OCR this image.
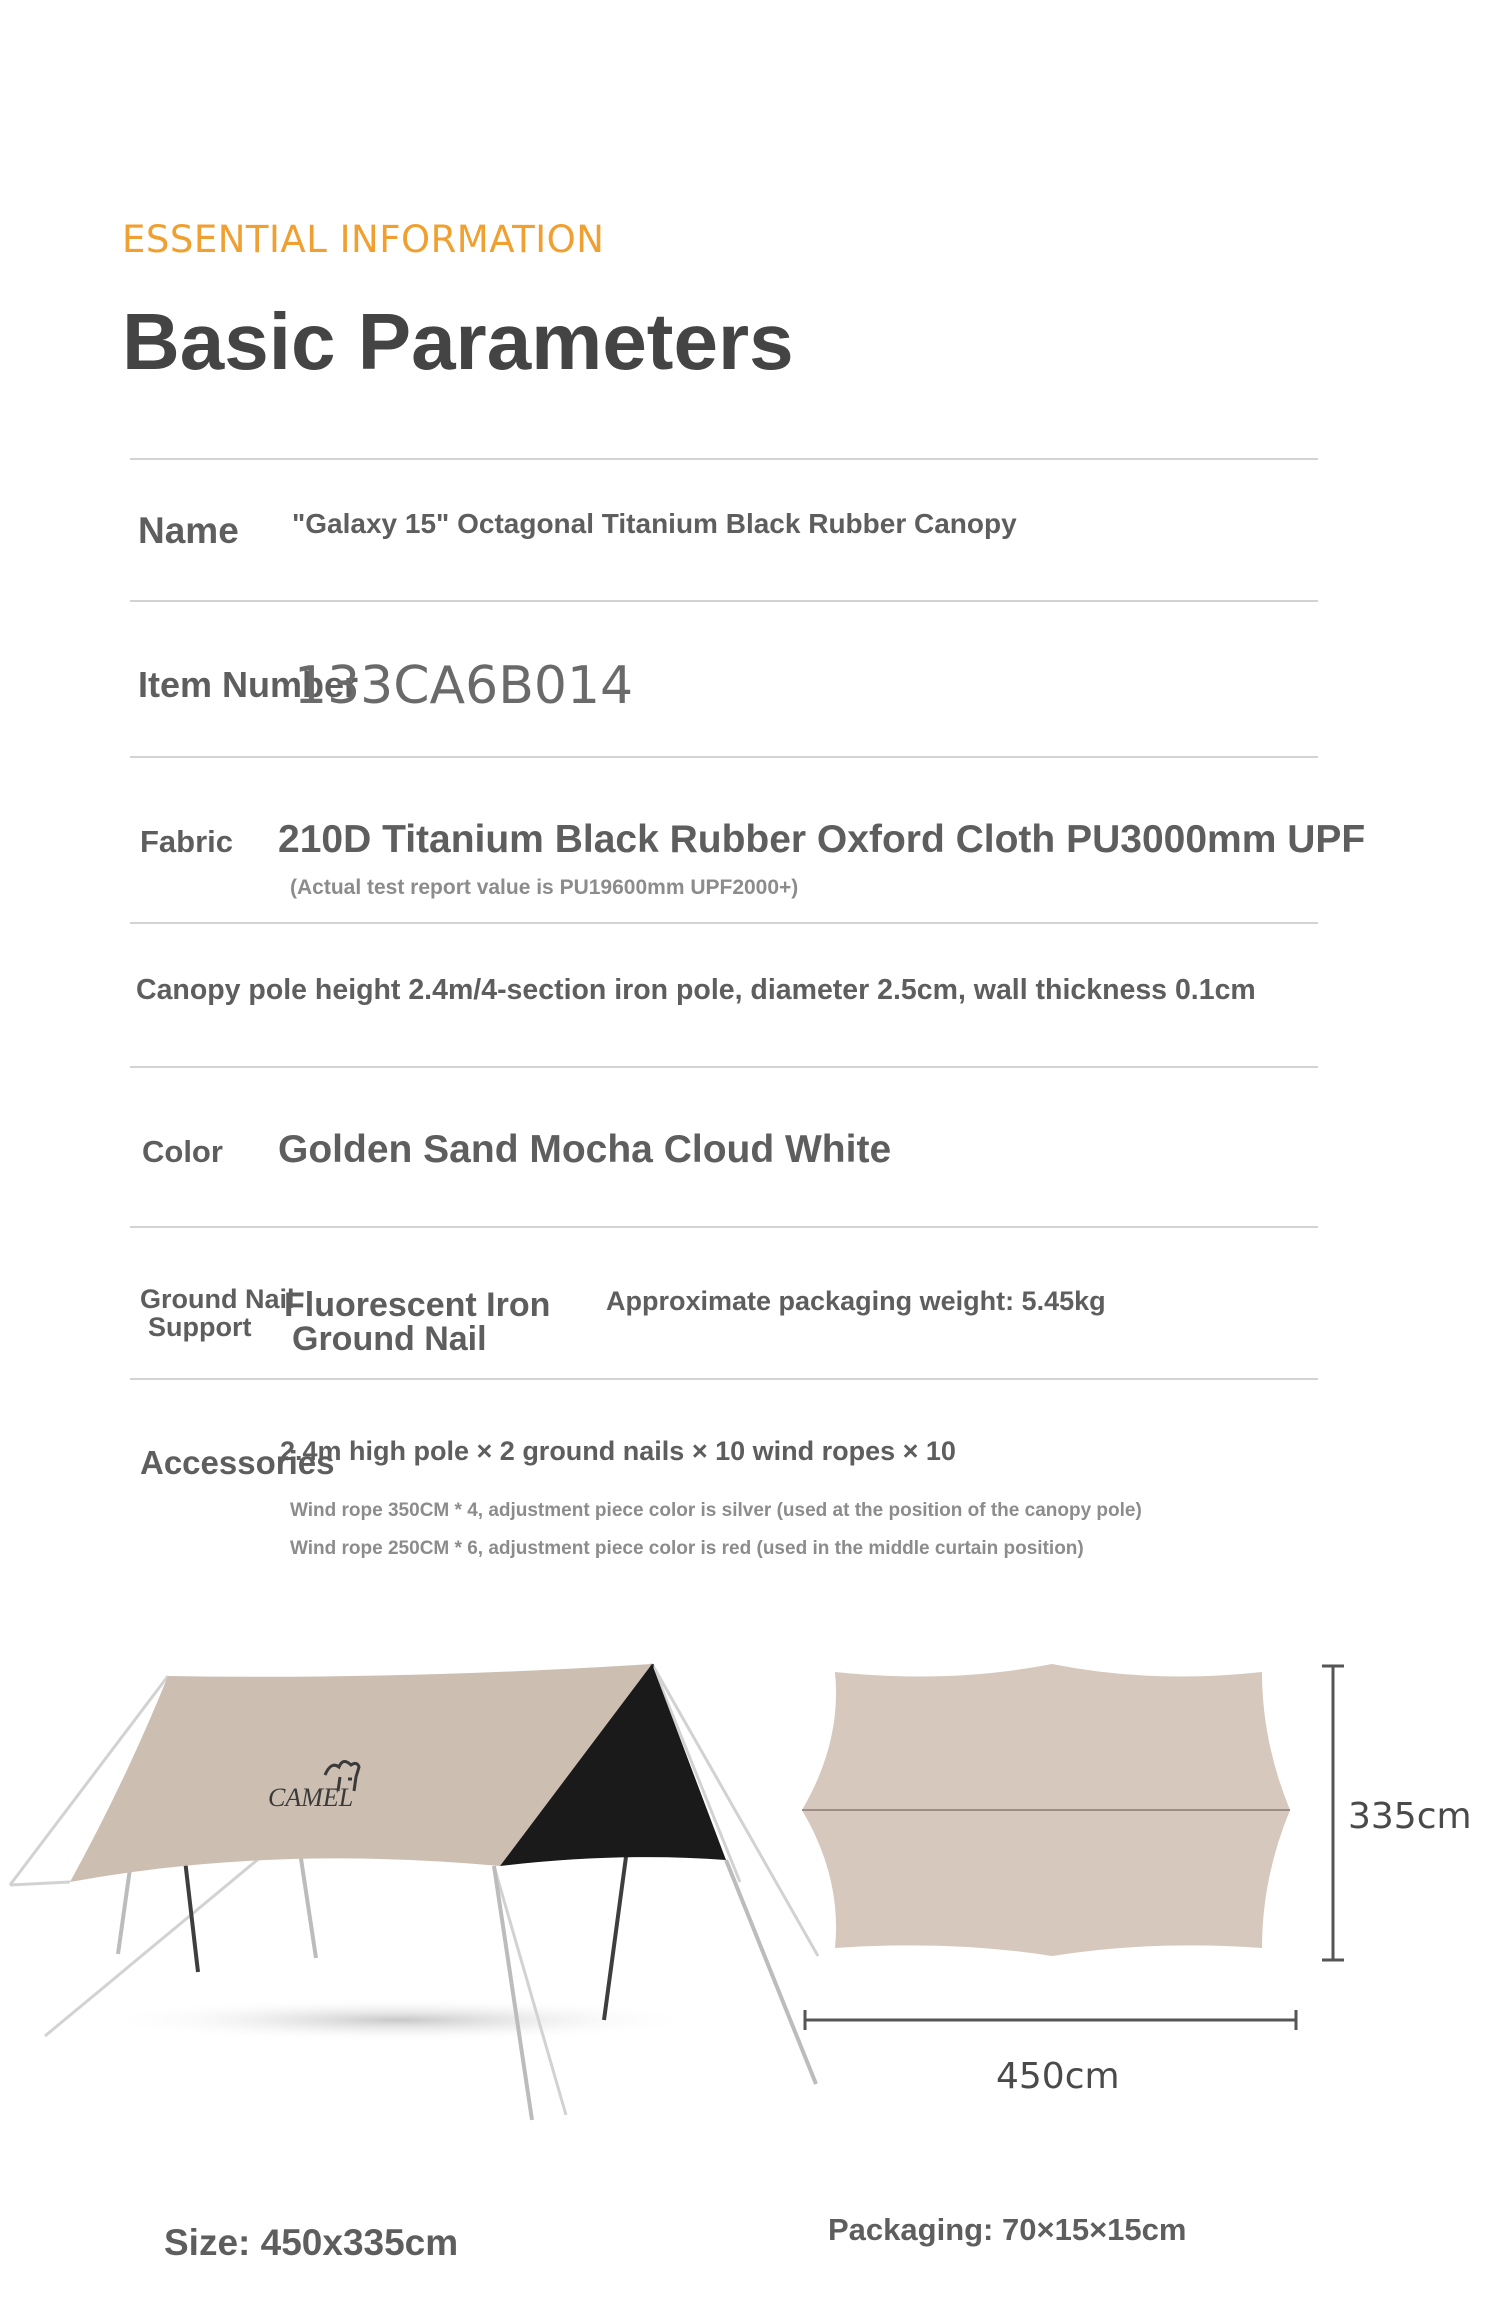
ESSENTIAL INFORMATION
Basic Parameters
Name "Galaxy 15" Octagonal Titanium Black Rubber Canopy
Item Number
133CA6B014
Fabric 210D Titanium Black Rubber Oxford Cloth PU3000mm UPF
(Actual test report value is PU19600mm UPF2000+)
Canopy pole height 2.4m/4-section iron pole, diameter 2.5cm, wall thickness 0.1cm
Color Golden Sand Mocha Cloud White
Ground Nail
Support
Fluorescent Iron
Ground Nail
Approximate packaging weight: 5.45kg
Accessories
2.4m high pole × 2 ground nails × 10 wind ropes × 10
Wind rope 350CM * 4, adjustment piece color is silver (used at the position of the canopy pole)
Wind rope 250CM * 6, adjustment piece color is red (used in the middle curtain position)
CAMEL	335cm
450cm
Size: 450x335cm	Packaging: 70×15×15cm
